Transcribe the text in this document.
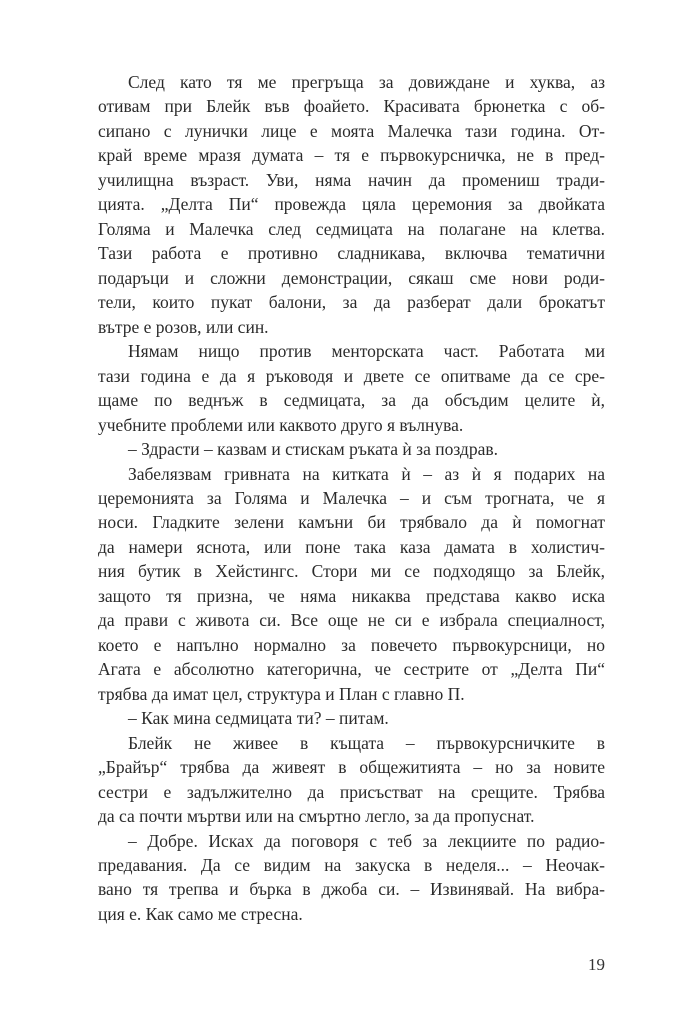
След като тя ме прегръща за довиждане и хуква, аз
отивам при Блейк във фоайето. Красивата брюнетка с об-
сипано с лунички лице е моята Малечка тази година. От-
край време мразя думата – тя е първокурсничка, не в пред-
училищна възраст. Уви, няма начин да промениш тради-
цията. „Делта Пи“ провежда цяла церемония за двойката
Голяма и Малечка след седмицата на полагане на клетва.
Тази работа е противно сладникава, включва тематични
подаръци и сложни демонстрации, сякаш сме нови роди-
тели, които пукат балони, за да разберат дали брокатът
вътре е розов, или син.
Нямам нищо против менторската част. Работата ми
тази година е да я ръководя и двете се опитваме да се сре-
щаме по веднъж в седмицата, за да обсъдим целите ѝ,
учебните проблеми или каквото друго я вълнува.
– Здрасти – казвам и стискам ръката ѝ за поздрав.
Забелязвам гривната на китката ѝ – аз ѝ я подарих на
церемонията за Голяма и Малечка – и съм трогната, че я
носи. Гладките зелени камъни би трябвало да ѝ помогнат
да намери яснота, или поне така каза дамата в холистич-
ния бутик в Хейстингс. Стори ми се подходящо за Блейк,
защото тя призна, че няма никаква представа какво иска
да прави с живота си. Все още не си е избрала специалност,
което е напълно нормално за повечето първокурсници, но
Агата е абсолютно категорична, че сестрите от „Делта Пи“
трябва да имат цел, структура и План с главно П.
– Как мина седмицата ти? – питам.
Блейк не живее в къщата – първокурсничките в
„Брайър“ трябва да живеят в общежитията – но за новите
сестри е задължително да присъстват на срещите. Трябва
да са почти мъртви или на смъртно легло, за да пропуснат.
– Добре. Исках да поговоря с теб за лекциите по радио-
предавания. Да се видим на закуска в неделя... – Неочак-
вано тя трепва и бърка в джоба си. – Извинявай. На вибра-
ция е. Как само ме стресна.
19
